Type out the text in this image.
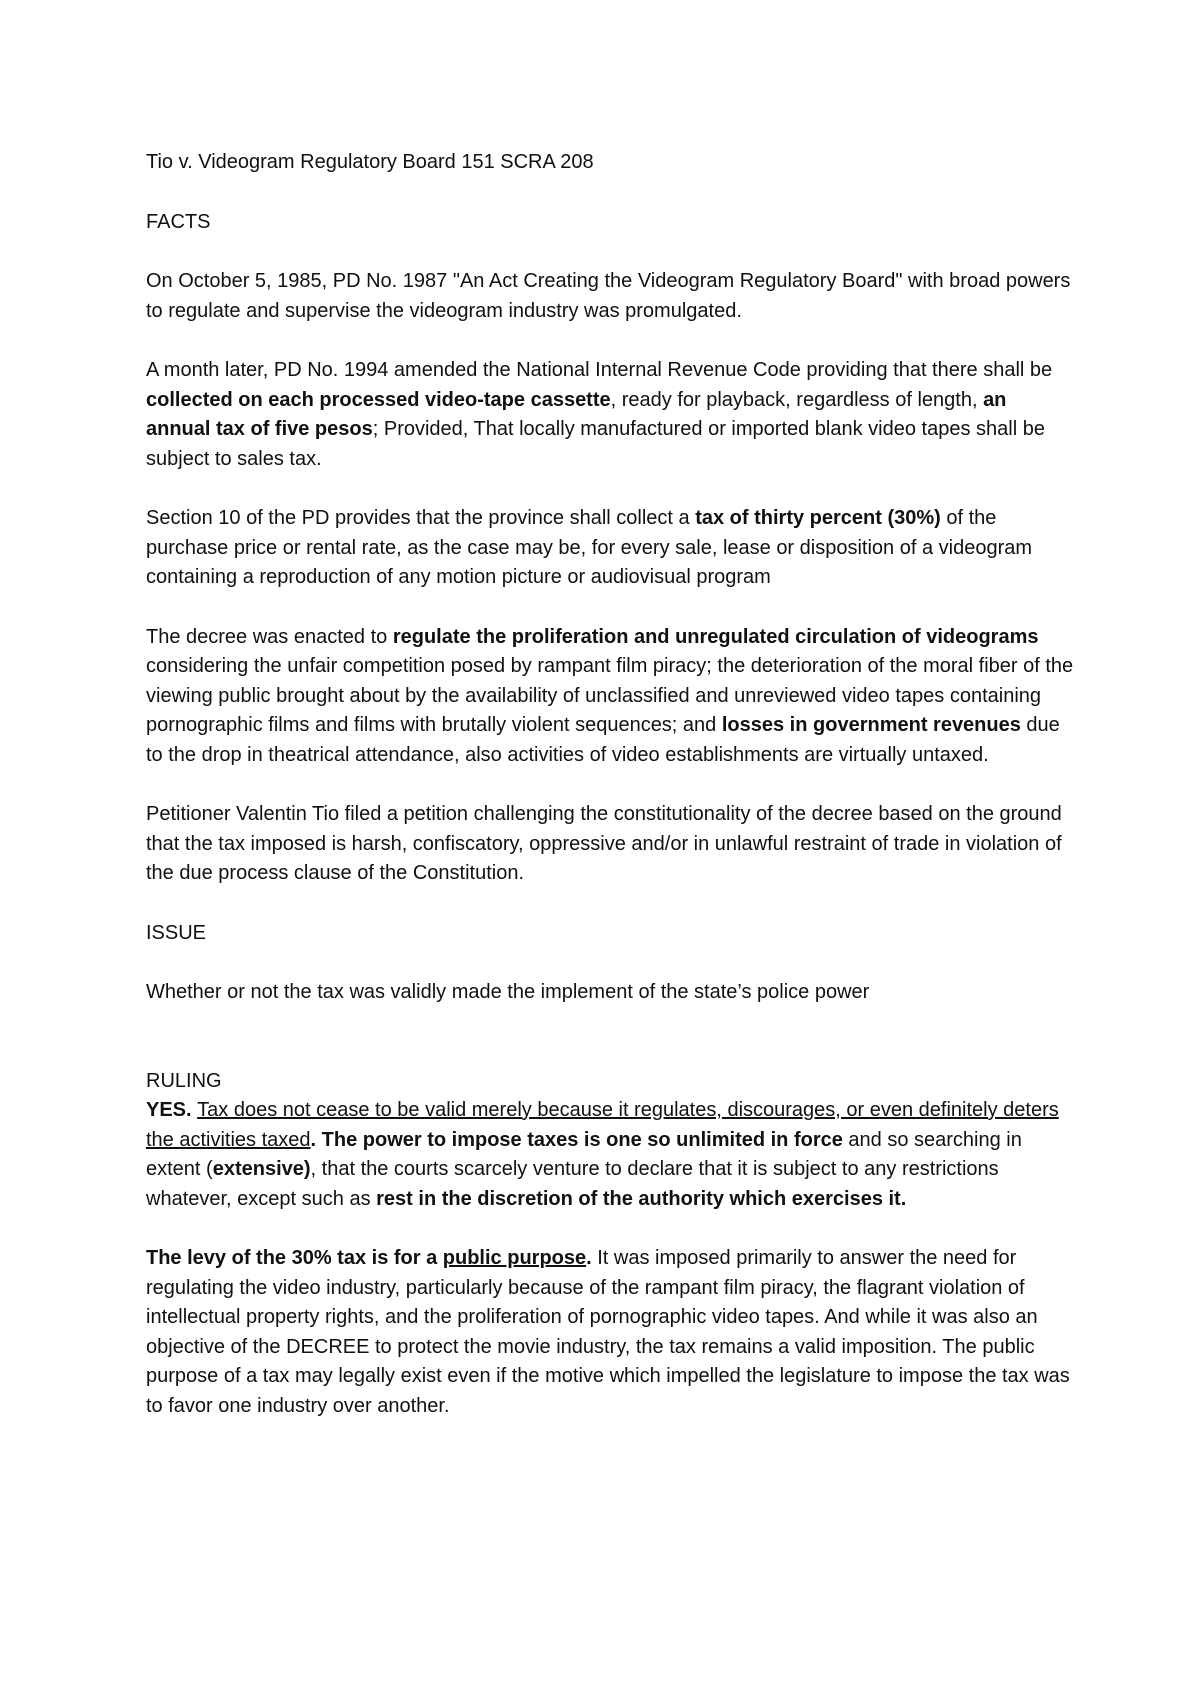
Tio v. Videogram Regulatory Board 151 SCRA 208

FACTS

On October 5, 1985, PD No. 1987 "An Act Creating the Videogram Regulatory Board" with broad powers to regulate and supervise the videogram industry was promulgated.

A month later, PD No. 1994 amended the National Internal Revenue Code providing that there shall be collected on each processed video-tape cassette, ready for playback, regardless of length, an annual tax of five pesos; Provided, That locally manufactured or imported blank video tapes shall be subject to sales tax.

Section 10 of the PD provides that the province shall collect a tax of thirty percent (30%) of the purchase price or rental rate, as the case may be, for every sale, lease or disposition of a videogram containing a reproduction of any motion picture or audiovisual program

The decree was enacted to regulate the proliferation and unregulated circulation of videograms considering the unfair competition posed by rampant film piracy; the deterioration of the moral fiber of the viewing public brought about by the availability of unclassified and unreviewed video tapes containing pornographic films and films with brutally violent sequences; and losses in government revenues due to the drop in theatrical attendance, also activities of video establishments are virtually untaxed.

Petitioner Valentin Tio filed a petition challenging the constitutionality of the decree based on the ground that the tax imposed is harsh, confiscatory, oppressive and/or in unlawful restraint of trade in violation of the due process clause of the Constitution.

ISSUE

Whether or not the tax was validly made the implement of the state’s police power

RULING

YES. Tax does not cease to be valid merely because it regulates, discourages, or even definitely deters the activities taxed. The power to impose taxes is one so unlimited in force and so searching in extent (extensive), that the courts scarcely venture to declare that it is subject to any restrictions whatever, except such as rest in the discretion of the authority which exercises it.

The levy of the 30% tax is for a public purpose. It was imposed primarily to answer the need for regulating the video industry, particularly because of the rampant film piracy, the flagrant violation of intellectual property rights, and the proliferation of pornographic video tapes. And while it was also an objective of the DECREE to protect the movie industry, the tax remains a valid imposition. The public purpose of a tax may legally exist even if the motive which impelled the legislature to impose the tax was to favor one industry over another.
